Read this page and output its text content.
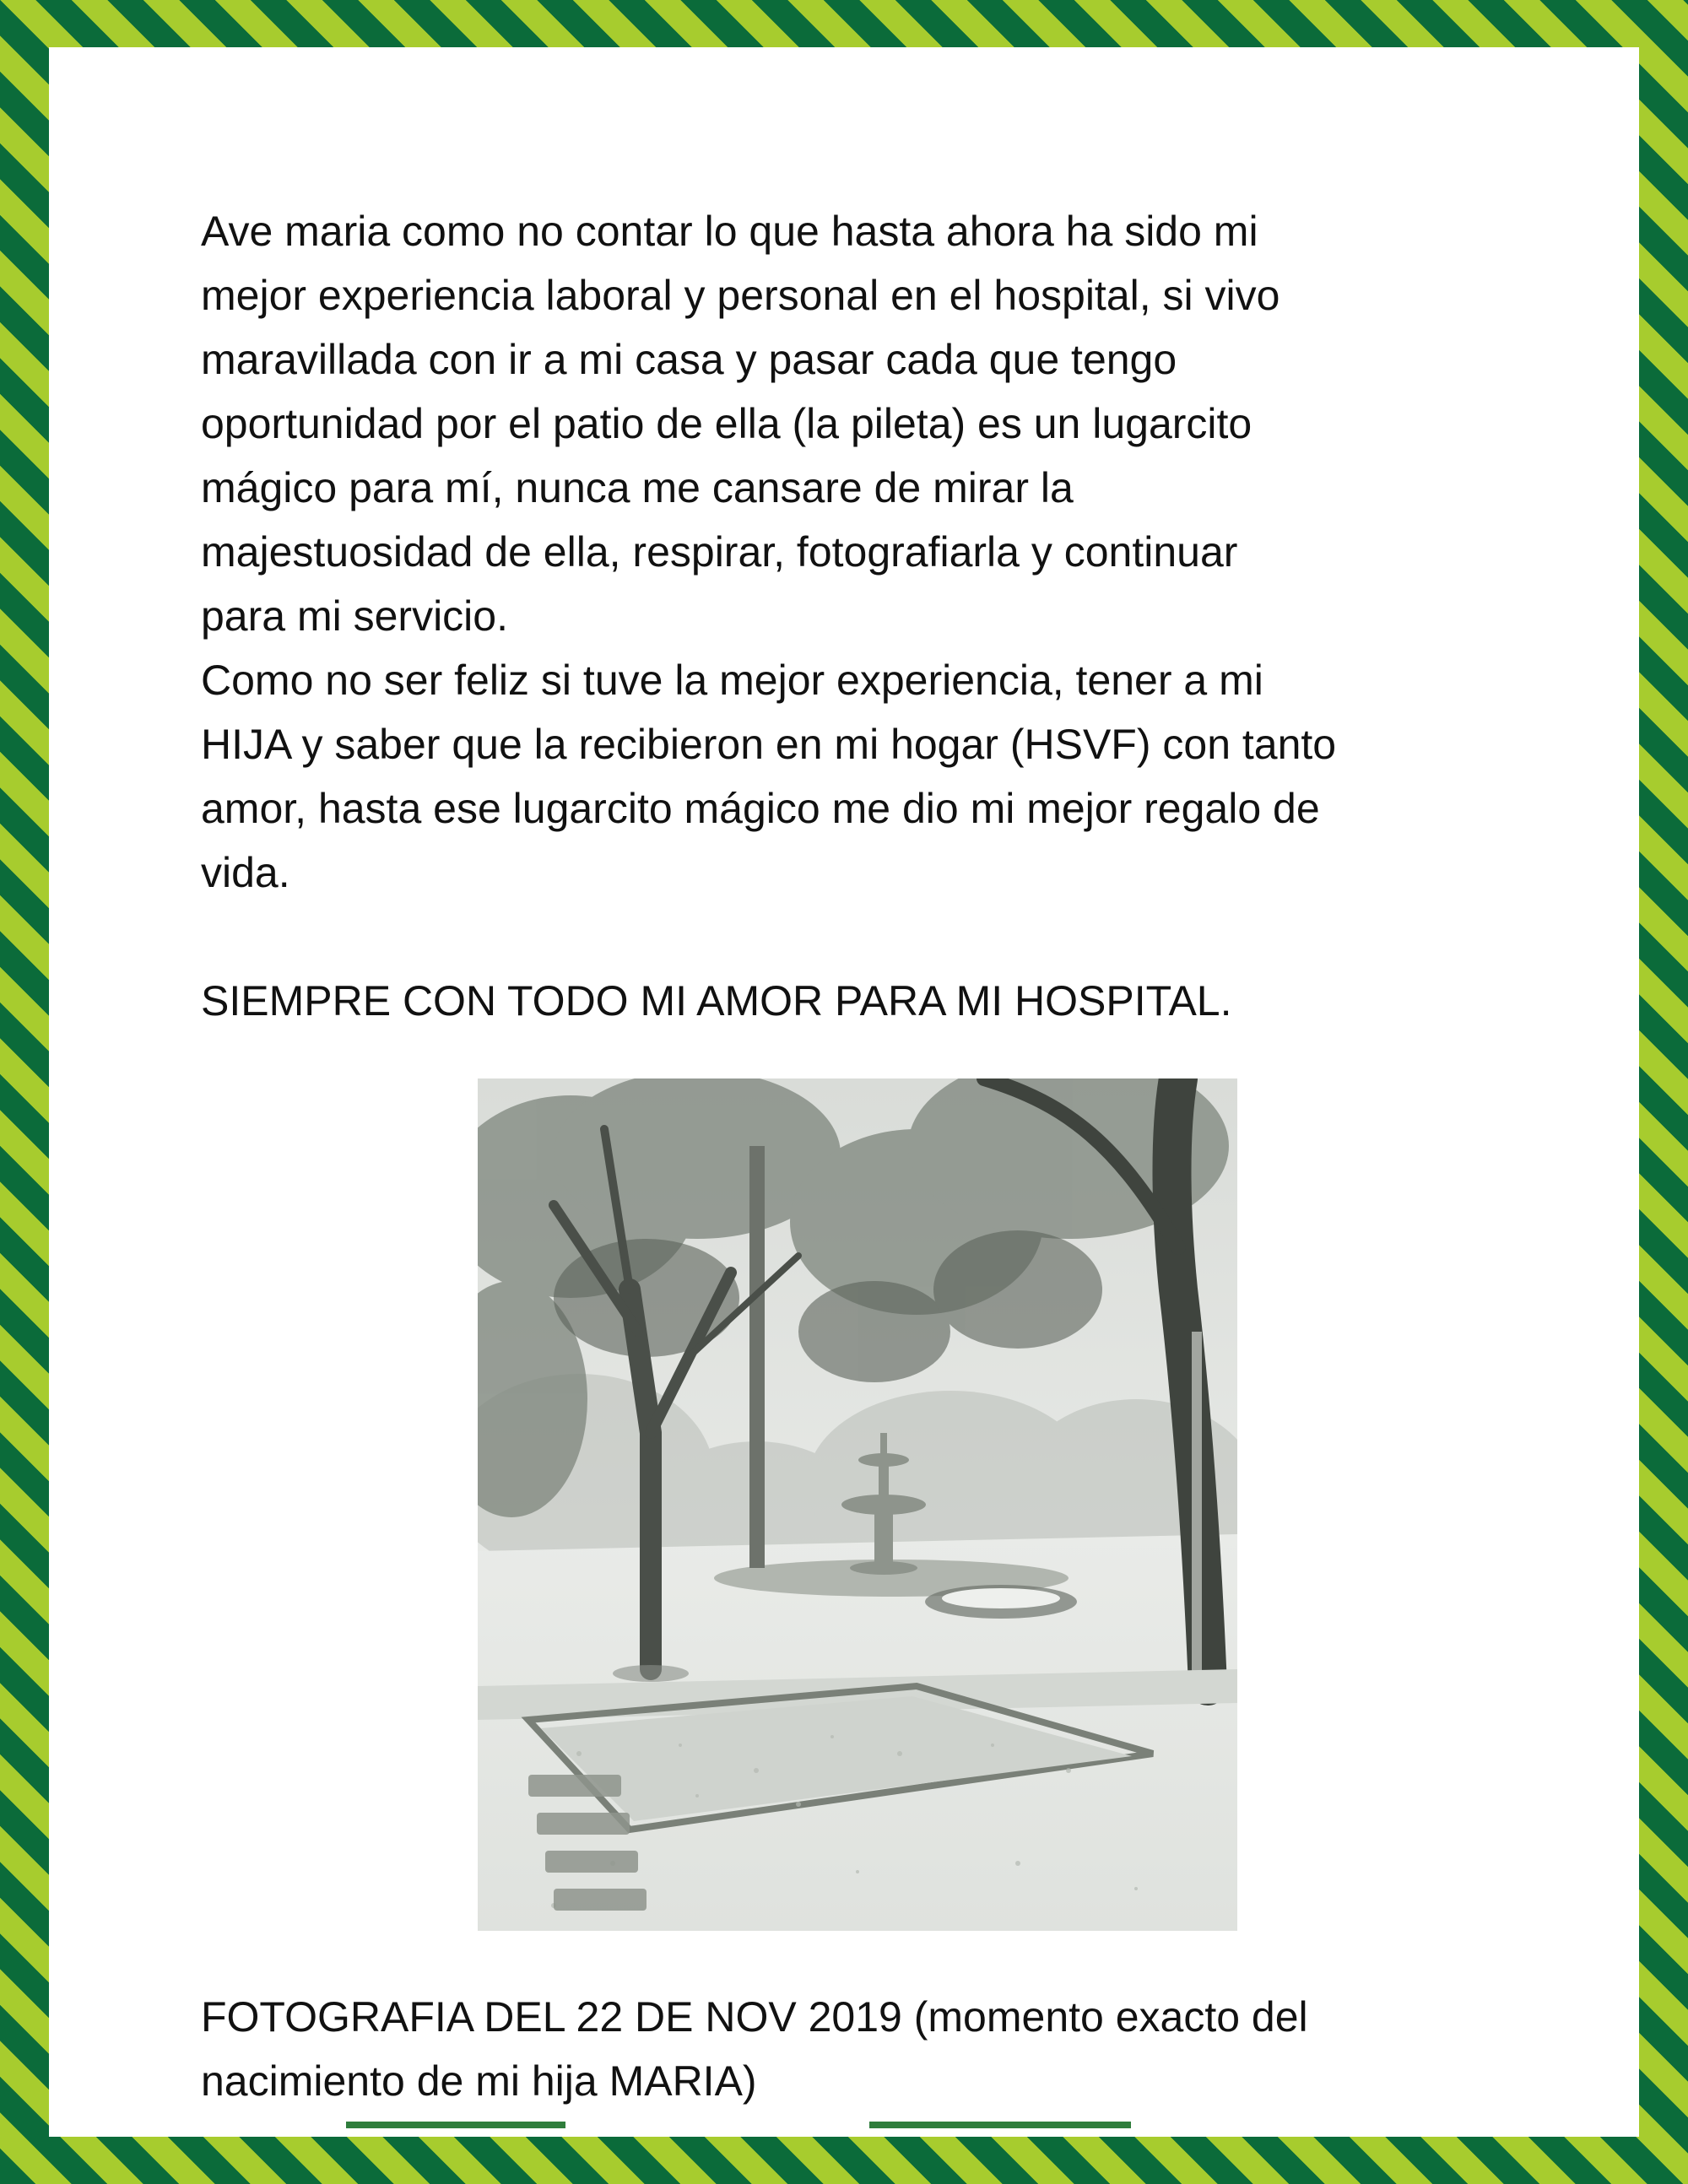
Ave maria como no contar lo que hasta ahora ha sido mi
mejor experiencia laboral y personal en el hospital, si vivo
maravillada con ir a mi casa y pasar cada que tengo
oportunidad por el patio de ella (la pileta) es un lugarcito
mágico para mí, nunca me cansare de mirar la
majestuosidad de ella, respirar, fotografiarla y continuar
para mi servicio.
Como no ser feliz si tuve la mejor experiencia, tener a mi
HIJA y saber que la recibieron en mi hogar (HSVF) con tanto
amor, hasta ese lugarcito mágico me dio mi mejor regalo de
vida.
SIEMPRE CON TODO MI AMOR PARA MI HOSPITAL.
FOTOGRAFIA DEL 22 DE NOV 2019 (momento exacto del
nacimiento de mi hija MARIA)
